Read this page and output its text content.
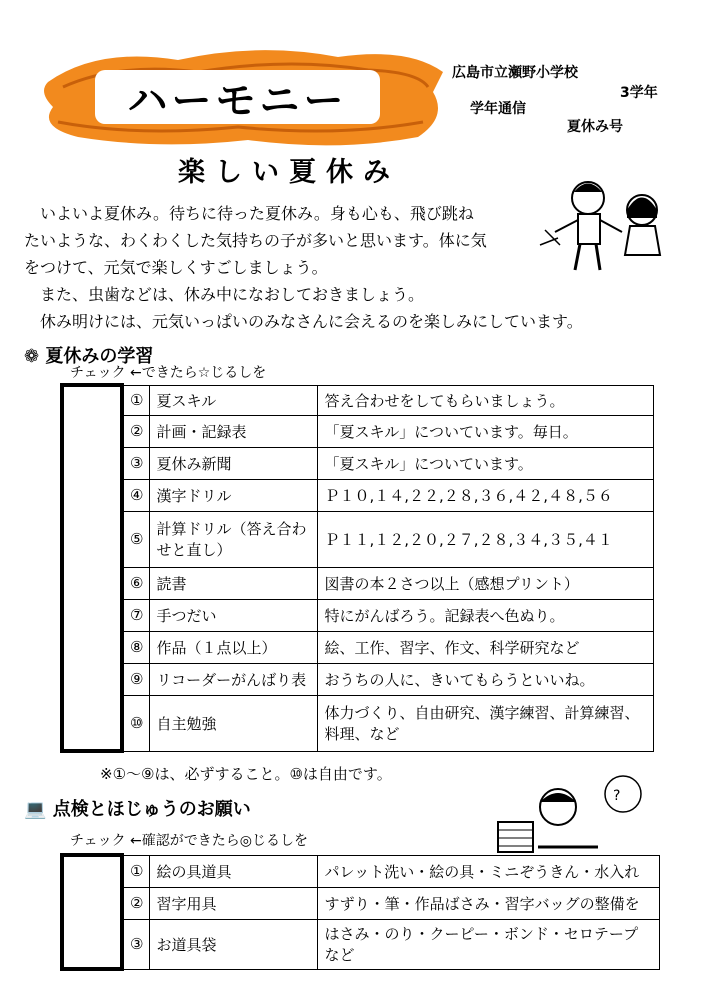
ハーモニー
広島市立瀬野小学校
3学年
学年通信
夏休み号
楽しい夏休み

　いよいよ夏休み。待ちに待った夏休み。身も心も、飛び跳ね

たいような、わくわくした気持ちの子が多いと思います。体に気

をつけて、元気で楽しくすごしましょう。

　また、虫歯などは、休み中になおしておきましょう。

　休み明けには、元気いっぱいのみなさんに会えるのを楽しみにしています。

❁ 夏休みの学習
チェック ←できたら☆じるしを
	①	夏スキル	答え合わせをしてもらいましょう。
	②	計画・記録表	「夏スキル」についています。毎日。
	③	夏休み新聞	「夏スキル」についています。
	④	漢字ドリル	Ｐ１０,１４,２２,２８,３６,４２,４８,５６
	⑤	計算ドリル（答え合わせと直し）	Ｐ１１,１２,２０,２７,２８,３４,３５,４１
	⑥	読書	図書の本２さつ以上（感想プリント）
	⑦	手つだい	特にがんばろう。記録表へ色ぬり。
	⑧	作品（１点以上）	絵、工作、習字、作文、科学研究など
	⑨	リコーダーがんばり表	おうちの人に、きいてもらうといいね。
	⑩	自主勉強	体力づくり、自由研究、漢字練習、計算練習、料理、など
※①～⑨は、必ずすること。⑩は自由です。
💻 点検とほじゅうのお願い
?
チェック ←確認ができたら◎じるしを
	①	絵の具道具	パレット洗い・絵の具・ミニぞうきん・水入れ
	②	習字用具	すずり・筆・作品ばさみ・習字バッグの整備を
	③	お道具袋	はさみ・のり・クーピー・ボンド・セロテープなど
